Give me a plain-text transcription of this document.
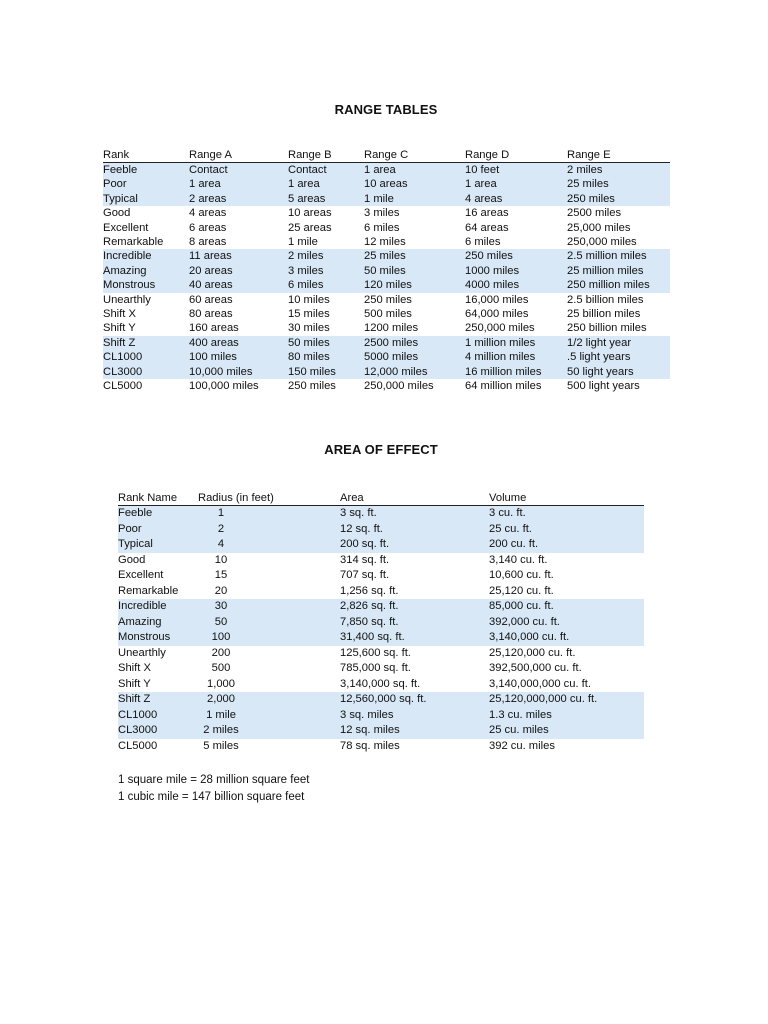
RANGE TABLES
Rank	Range A	Range B	Range C	Range D	Range E
Feeble	Contact	Contact	1 area	10 feet	2 miles
Poor	1 area	1 area	10 areas	1 area	25 miles
Typical	2 areas	5 areas	1 mile	4 areas	250 miles
Good	4 areas	10 areas	3 miles	16 areas	2500 miles
Excellent	6 areas	25 areas	6 miles	64 areas	25,000 miles
Remarkable	8 areas	1 mile	12 miles	6 miles	250,000 miles
Incredible	11 areas	2 miles	25 miles	250 miles	2.5 million miles
Amazing	20 areas	3 miles	50 miles	1000 miles	25 million miles
Monstrous	40 areas	6 miles	120 miles	4000 miles	250 million miles
Unearthly	60 areas	10 miles	250 miles	16,000 miles	2.5 billion miles
Shift X	80 areas	15 miles	500 miles	64,000 miles	25 billion miles
Shift Y	160 areas	30 miles	1200 miles	250,000 miles	250 billion miles
Shift Z	400 areas	50 miles	2500 miles	1 million miles	1/2 light year
CL1000	100 miles	80 miles	5000 miles	4 million miles	.5 light years
CL3000	10,000 miles	150 miles	12,000 miles	16 million miles	50 light years
CL5000	100,000 miles	250 miles	250,000 miles	64 million miles	500 light years
AREA OF EFFECT
Rank Name	Radius (in feet)	Area	Volume
Feeble	1	3 sq. ft.	3 cu. ft.
Poor	2	12 sq. ft.	25 cu. ft.
Typical	4	200 sq. ft.	200 cu. ft.
Good	10	314 sq. ft.	3,140 cu. ft.
Excellent	15	707 sq. ft.	10,600 cu. ft.
Remarkable	20	1,256 sq. ft.	25,120 cu. ft.
Incredible	30	2,826 sq. ft.	85,000 cu. ft.
Amazing	50	7,850 sq. ft.	392,000 cu. ft.
Monstrous	100	31,400 sq. ft.	3,140,000 cu. ft.
Unearthly	200	125,600 sq. ft.	25,120,000 cu. ft.
Shift X	500	785,000 sq. ft.	392,500,000 cu. ft.
Shift Y	1,000	3,140,000 sq. ft.	3,140,000,000 cu. ft.
Shift Z	2,000	12,560,000 sq. ft.	25,120,000,000 cu. ft.
CL1000	1 mile	3 sq. miles	1.3 cu. miles
CL3000	2 miles	12 sq. miles	25 cu. miles
CL5000	5 miles	78 sq. miles	392 cu. miles
1 square mile = 28 million square feet
1 cubic mile = 147 billion square feet
